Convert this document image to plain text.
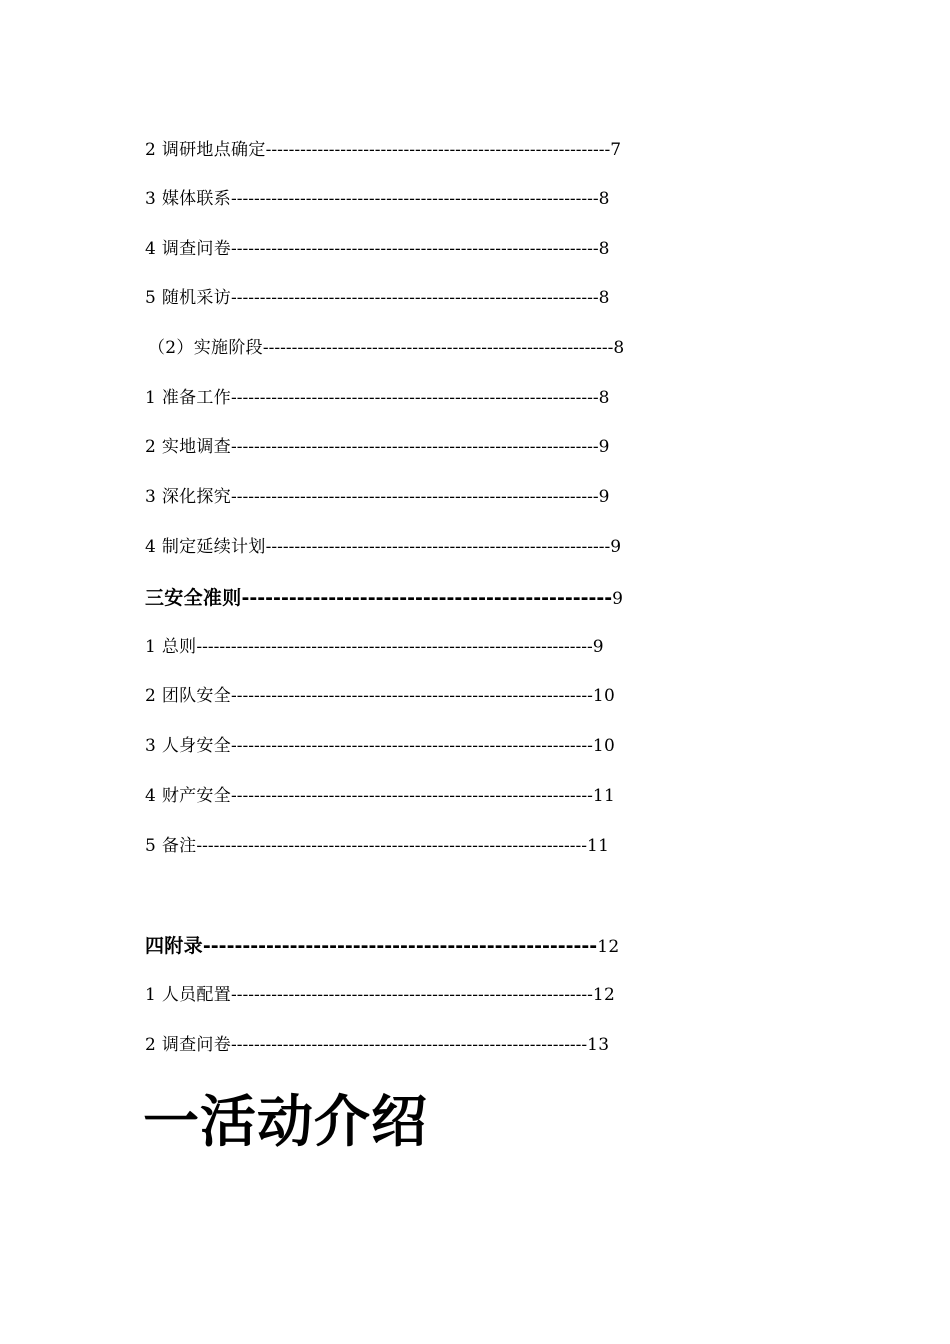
2 调研地点确定------------------------------------------------------------7
3 媒体联系----------------------------------------------------------------8
4 调查问卷----------------------------------------------------------------8
5 随机采访----------------------------------------------------------------8
（2）实施阶段-------------------------------------------------------------8
1 准备工作----------------------------------------------------------------8
2 实地调查----------------------------------------------------------------9
3 深化探究----------------------------------------------------------------9
4 制定延续计划------------------------------------------------------------9
三安全准则-----------------------------------------------9
1 总则---------------------------------------------------------------------9
2 团队安全---------------------------------------------------------------10
3 人身安全---------------------------------------------------------------10
4 财产安全---------------------------------------------------------------11
5 备注--------------------------------------------------------------------11
四附录--------------------------------------------------12
1 人员配置---------------------------------------------------------------12
2 调查问卷--------------------------------------------------------------13
一活动介绍
